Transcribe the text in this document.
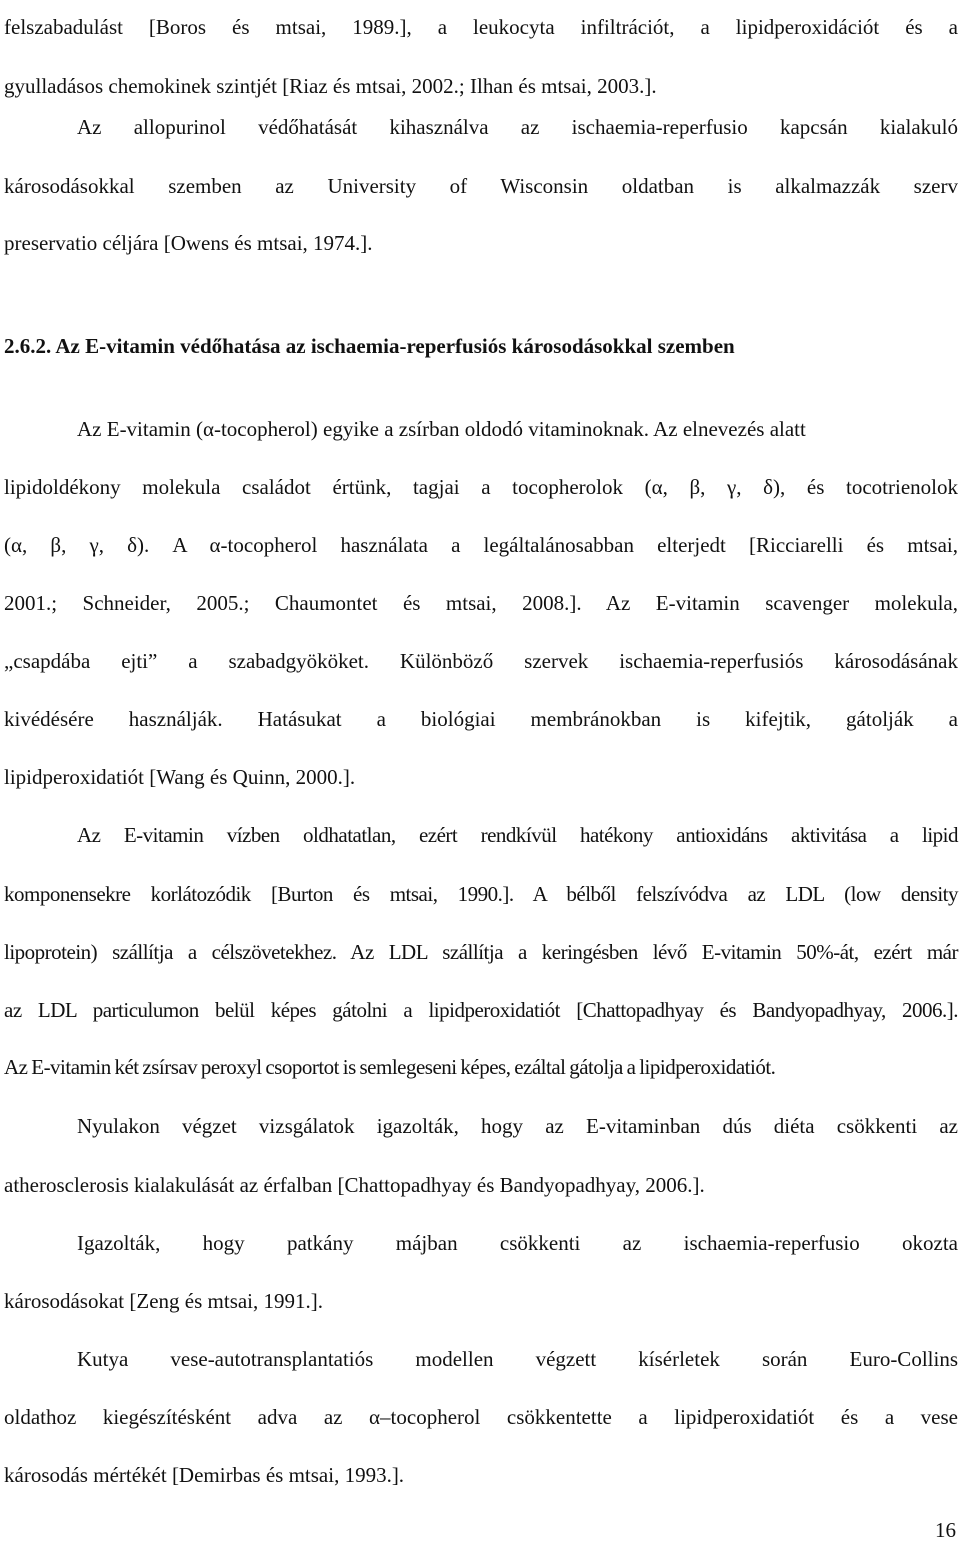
felszabadulást [Boros és mtsai, 1989.], a leukocyta infiltrációt, a lipidperoxidációt és a
gyulladásos chemokinek szintjét [Riaz és mtsai, 2002.; Ilhan és mtsai, 2003.].
Az allopurinol védőhatását kihasználva az ischaemia-reperfusio kapcsán kialakuló
károsodásokkal szemben az University of Wisconsin oldatban is alkalmazzák szerv
preservatio céljára [Owens és mtsai, 1974.].
2.6.2. Az E-vitamin védőhatása az ischaemia-reperfusiós károsodásokkal szemben
Az E-vitamin (α-tocopherol) egyike a zsírban oldodó vitaminoknak. Az elnevezés alatt
lipidoldékony molekula családot értünk, tagjai a tocopherolok (α, β, γ, δ), és tocotrienolok
(α, β, γ, δ). A α-tocopherol használata a legáltalánosabban elterjedt [Ricciarelli és mtsai,
2001.; Schneider, 2005.; Chaumontet és mtsai, 2008.]. Az E-vitamin scavenger molekula,
„csapdába ejti” a szabadgyököket. Különböző szervek ischaemia-reperfusiós károsodásának
kivédésére használják. Hatásukat a biológiai membránokban is kifejtik, gátolják a
lipidperoxidatiót [Wang és Quinn, 2000.].
Az E-vitamin vízben oldhatatlan, ezért rendkívül hatékony antioxidáns aktivitása a lipid
komponensekre korlátozódik [Burton és mtsai, 1990.]. A bélből felszívódva az LDL (low density
lipoprotein) szállítja a célszövetekhez. Az LDL szállítja a keringésben lévő E-vitamin 50%-át, ezért már
az LDL particulumon belül képes gátolni a lipidperoxidatiót [Chattopadhyay és Bandyopadhyay, 2006.].
Az E-vitamin két zsírsav peroxyl csoportot is semlegeseni képes, ezáltal gátolja a lipidperoxidatiót.
Nyulakon végzet vizsgálatok igazolták, hogy az E-vitaminban dús diéta csökkenti az
atherosclerosis kialakulását az érfalban [Chattopadhyay és Bandyopadhyay, 2006.].
Igazolták, hogy patkány májban csökkenti az ischaemia-reperfusio okozta
károsodásokat [Zeng és mtsai, 1991.].
Kutya vese-autotransplantatiós modellen végzett kísérletek során Euro-Collins
oldathoz kiegészítésként adva az α–tocopherol csökkentette a lipidperoxidatiót és a vese
károsodás mértékét [Demirbas és mtsai, 1993.].
16
